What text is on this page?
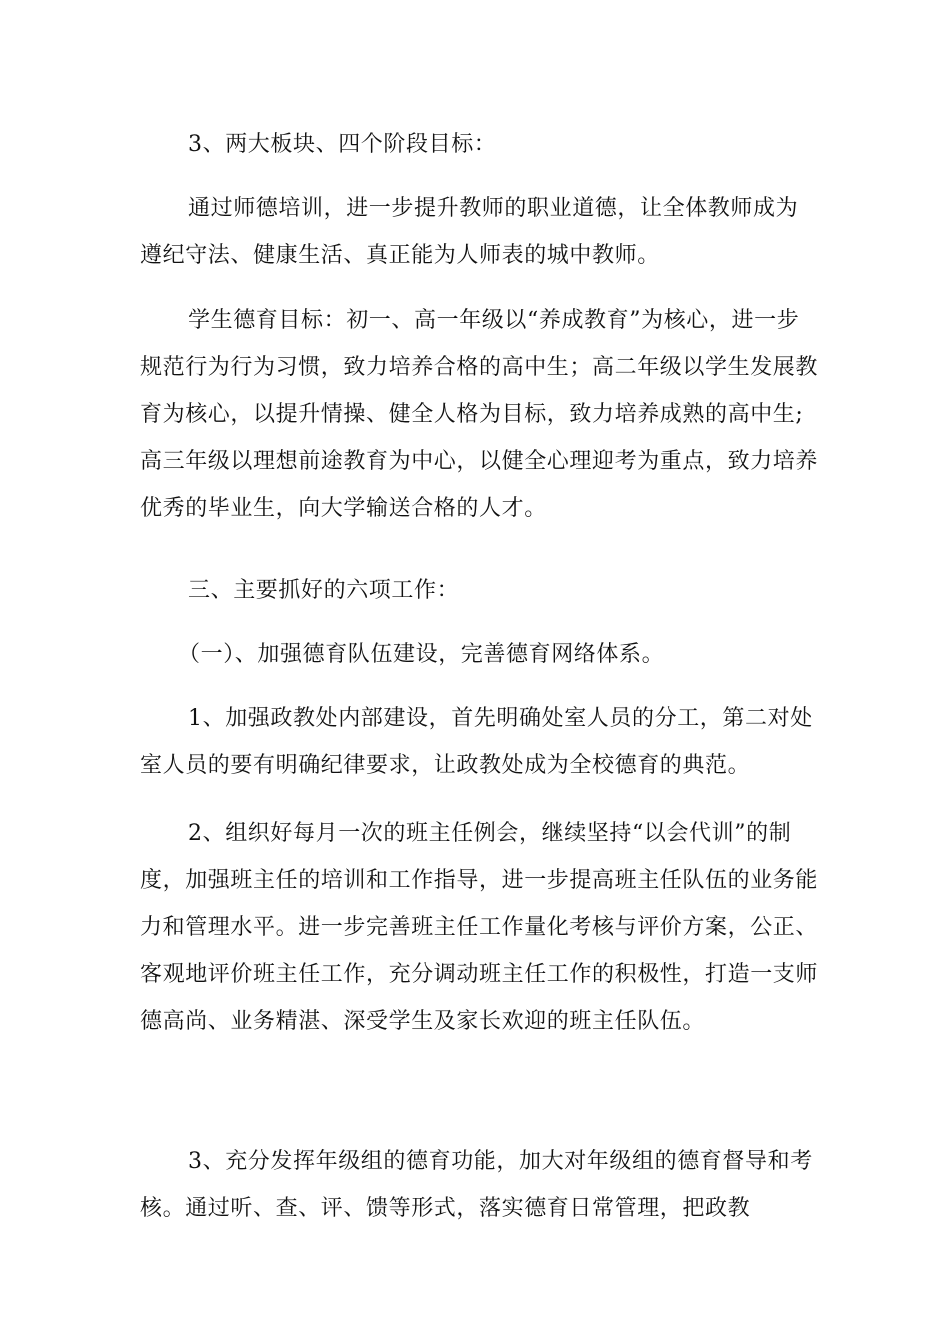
3、两大板块、四个阶段目标：

通过师德培训，进一步提升教师的职业道德，让全体教师成为遵纪守法、健康生活、真正能为人师表的城中教师。

学生德育目标：初一、高一年级以“养成教育”为核心，进一步规范行为行为习惯，致力培养合格的高中生；高二年级以学生发展教育为核心，以提升情操、健全人格为目标，致力培养成熟的高中生;高三年级以理想前途教育为中心，以健全心理迎考为重点，致力培养优秀的毕业生，向大学输送合格的人才。

三、主要抓好的六项工作：

（一）、加强德育队伍建设，完善德育网络体系。

1、加强政教处内部建设，首先明确处室人员的分工，第二对处室人员的要有明确纪律要求，让政教处成为全校德育的典范。

2、组织好每月一次的班主任例会，继续坚持“以会代训”的制度，加强班主任的培训和工作指导，进一步提高班主任队伍的业务能力和管理水平。进一步完善班主任工作量化考核与评价方案，公正、客观地评价班主任工作，充分调动班主任工作的积极性，打造一支师德高尚、业务精湛、深受学生及家长欢迎的班主任队伍。

3、充分发挥年级组的德育功能，加大对年级组的德育督导和考核。通过听、查、评、馈等形式，落实德育日常管理，把政教
